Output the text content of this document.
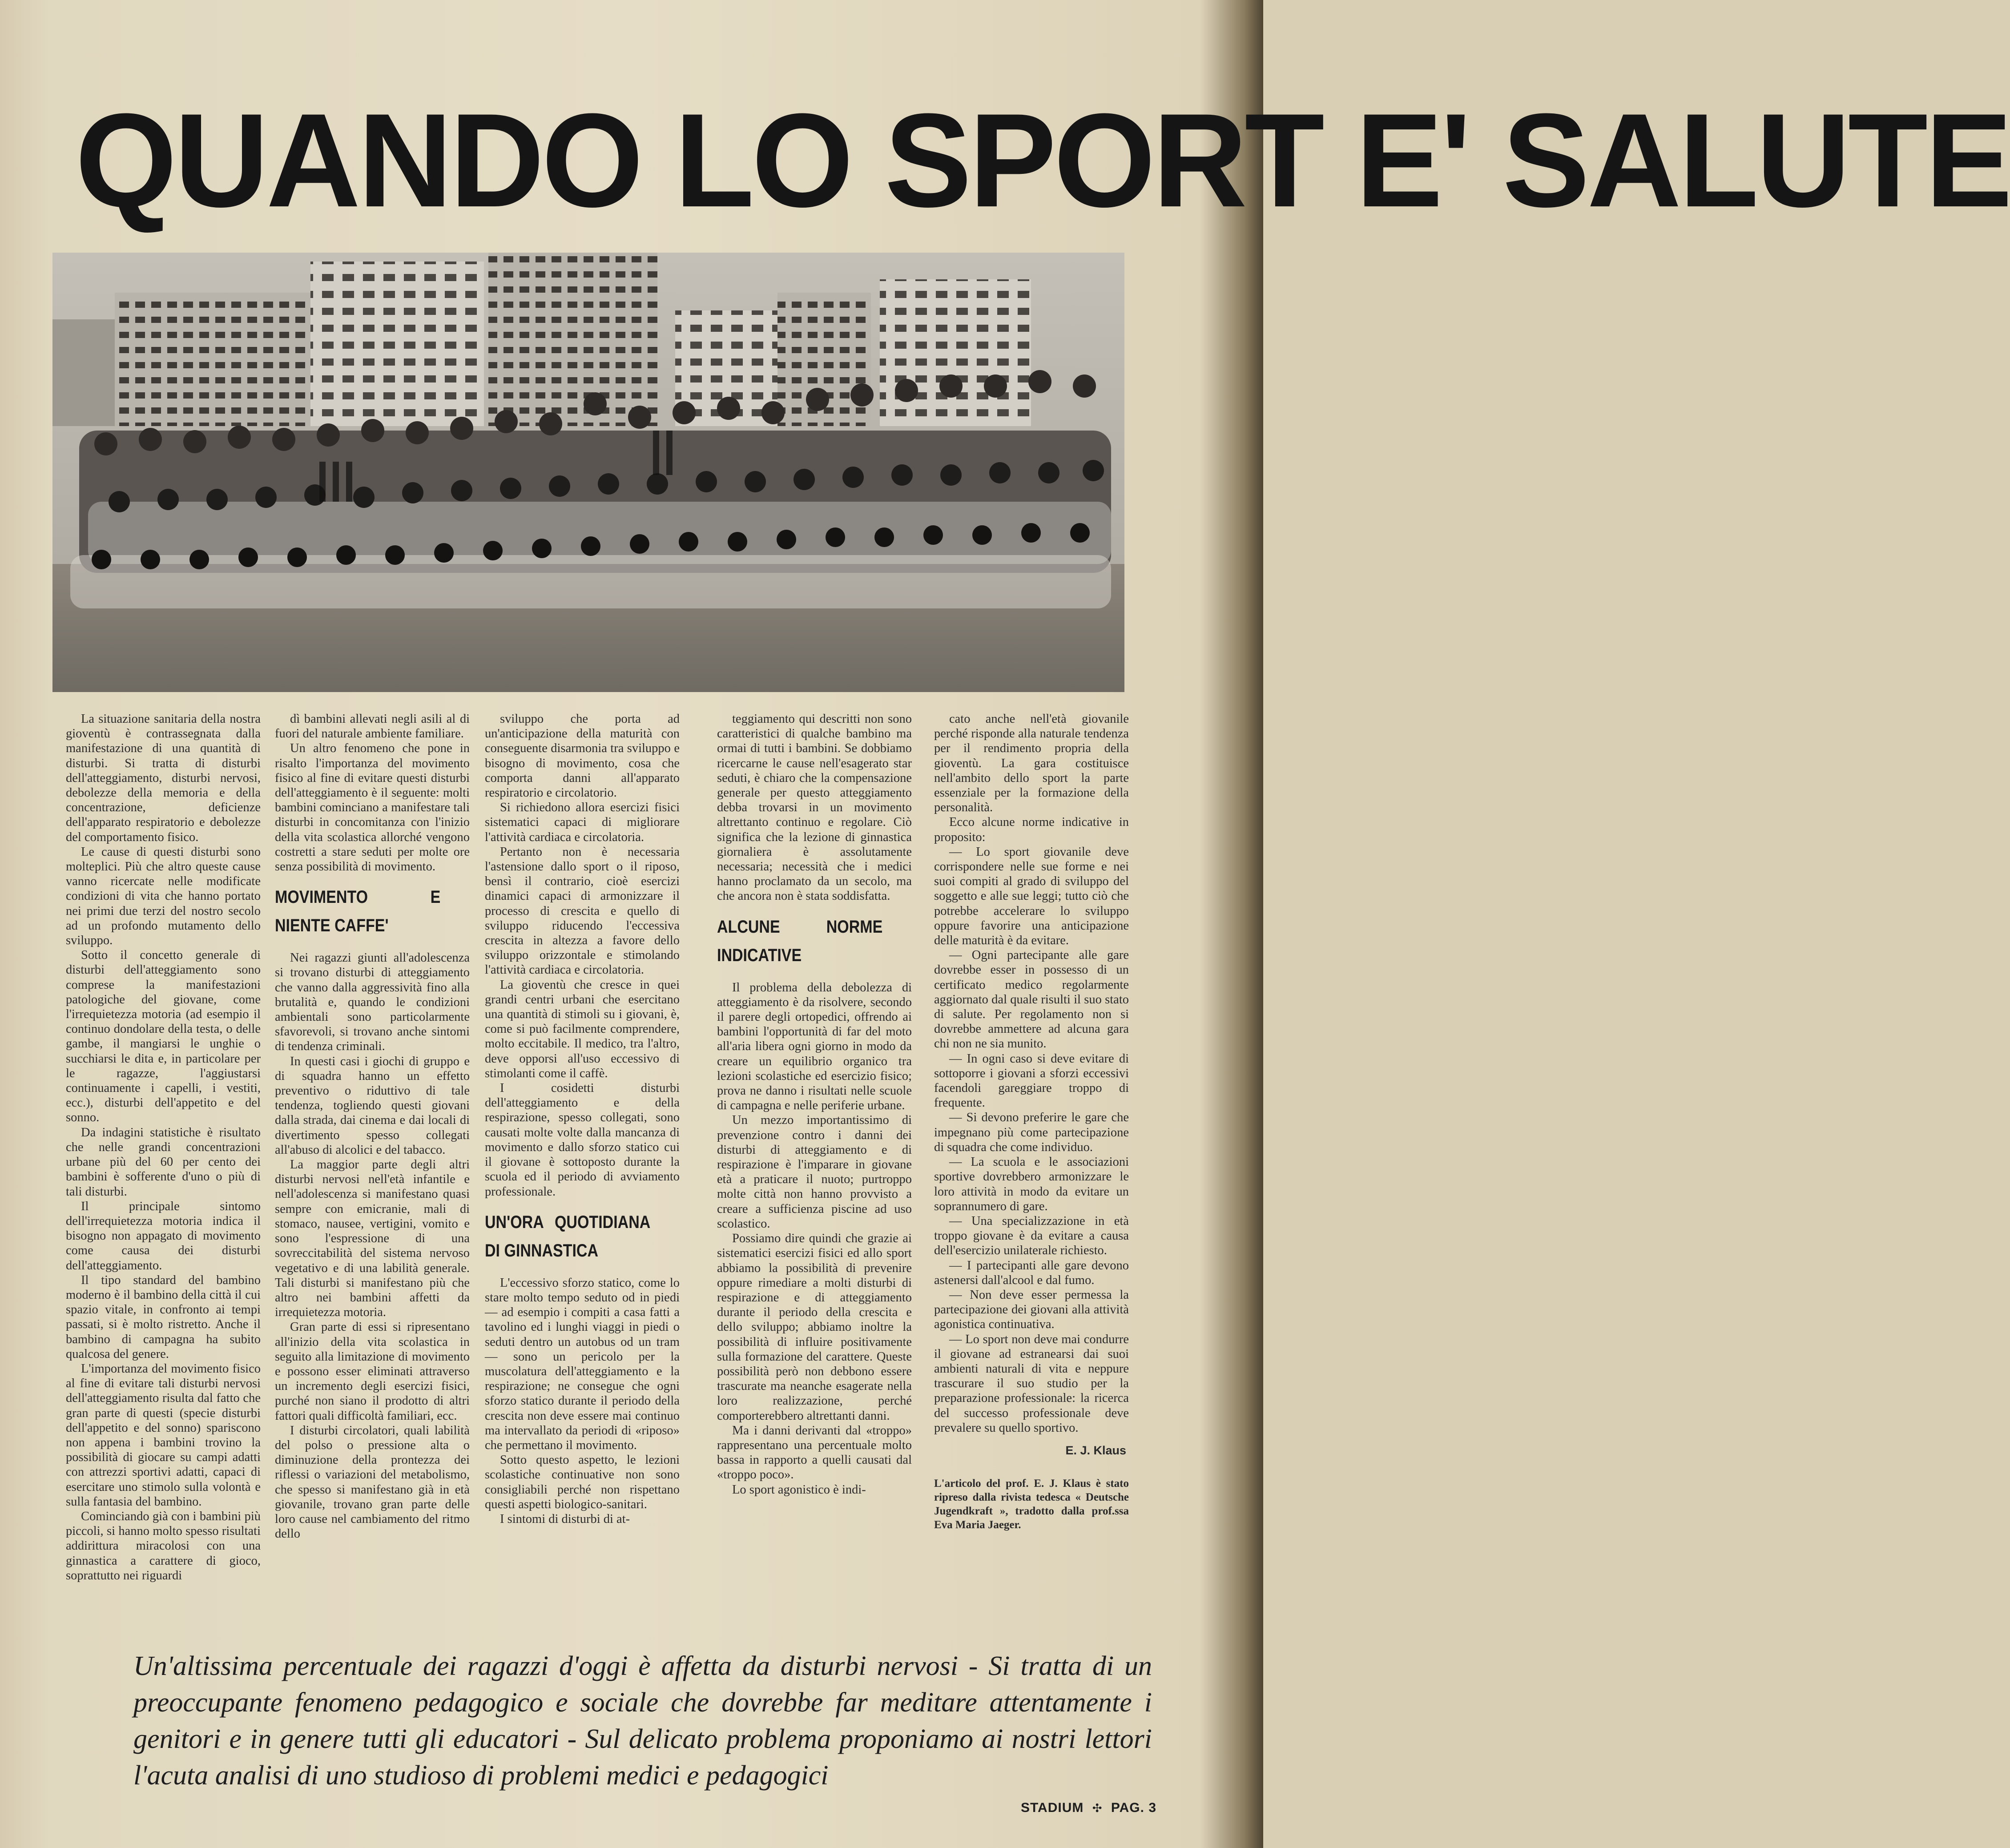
QUANDO LO SPORT E' SALUTE

La situazione sanitaria della nostra gioventù è contrassegnata dalla manifestazione di una quantità di disturbi. Si tratta di disturbi dell'atteggiamento, disturbi nervosi, debolezze della memoria e della concentrazione, deficienze dell'apparato respiratorio e debolezze del comportamento fisico.

Le cause di questi disturbi sono molteplici. Più che altro queste cause vanno ricercate nelle modificate condizioni di vita che hanno portato nei primi due terzi del nostro secolo ad un profondo mutamento dello sviluppo.

Sotto il concetto generale di disturbi dell'atteggiamento sono comprese la manifestazioni patologiche del giovane, come l'irrequietezza motoria (ad esempio il continuo dondolare della testa, o delle gambe, il mangiarsi le unghie o succhiarsi le dita e, in particolare per le ragazze, l'aggiustarsi continuamente i capelli, i vestiti, ecc.), disturbi dell'appetito e del sonno.

Da indagini statistiche è risultato che nelle grandi concentrazioni urbane più del 60 per cento dei bambini è sofferente d'uno o più di tali disturbi.

Il principale sintomo dell'irrequietezza motoria indica il bisogno non appagato di movimento come causa dei disturbi dell'atteggiamento.

Il tipo standard del bambino moderno è il bambino della città il cui spazio vitale, in confronto ai tempi passati, si è molto ristretto. Anche il bambino di campagna ha subito qualcosa del genere.

L'importanza del movimento fisico al fine di evitare tali disturbi nervosi dell'atteggiamento risulta dal fatto che gran parte di questi (specie disturbi dell'appetito e del sonno) spariscono non appena i bambini trovino la possibilità di giocare su campi adatti con attrezzi sportivi adatti, capaci di esercitare uno stimolo sulla volontà e sulla fantasia del bambino.

Cominciando già con i bambini più piccoli, si hanno molto spesso risultati addirittura miracolosi con una ginnastica a carattere di gioco, soprattutto nei riguardi

dì bambini allevati negli asili al di fuori del naturale ambiente familiare.

Un altro fenomeno che pone in risalto l'importanza del movimento fisico al fine di evitare questi disturbi dell'atteggiamento è il seguente: molti bambini cominciano a manifestare tali disturbi in concomitanza con l'inizio della vita scolastica allorché vengono costretti a stare seduti per molte ore senza possibilità di movimento.

MOVIMENTO E NIENTE CAFFE'

Nei ragazzi giunti all'adolescenza si trovano disturbi di atteggiamento che vanno dalla aggressività fino alla brutalità e, quando le condizioni ambientali sono particolarmente sfavorevoli, si trovano anche sintomi di tendenza criminali.

In questi casi i giochi di gruppo e di squadra hanno un effetto preventivo o riduttivo di tale tendenza, togliendo questi giovani dalla strada, dai cinema e dai locali di divertimento spesso collegati all'abuso di alcolici e del tabacco.

La maggior parte degli altri disturbi nervosi nell'età infantile e nell'adolescenza si manifestano quasi sempre con emicranie, mali di stomaco, nausee, vertigini, vomito e sono l'espressione di una sovreccitabilità del sistema nervoso vegetativo e di una labilità generale. Tali disturbi si manifestano più che altro nei bambini affetti da irrequietezza motoria.

Gran parte di essi si ripresentano all'inizio della vita scolastica in seguito alla limitazione di movimento e possono esser eliminati attraverso un incremento degli esercizi fisici, purché non siano il prodotto di altri fattori quali difficoltà familiari, ecc.

I disturbi circolatori, quali labilità del polso o pressione alta o diminuzione della prontezza dei riflessi o variazioni del metabolismo, che spesso si manifestano già in età giovanile, trovano gran parte delle loro cause nel cambiamento del ritmo dello

sviluppo che porta ad un'anticipazione della maturità con conseguente disarmonia tra sviluppo e bisogno di movimento, cosa che comporta danni all'apparato respiratorio e circolatorio.

Si richiedono allora esercizi fisici sistematici capaci di migliorare l'attività cardiaca e circolatoria.

Pertanto non è necessaria l'astensione dallo sport o il riposo, bensì il contrario, cioè esercizi dinamici capaci di armonizzare il processo di crescita e quello di sviluppo riducendo l'eccessiva crescita in altezza a favore dello sviluppo orizzontale e stimolando l'attività cardiaca e circolatoria.

La gioventù che cresce in quei grandi centri urbani che esercitano una quantità di stimoli su i giovani, è, come si può facilmente comprendere, molto eccitabile. Il medico, tra l'altro, deve opporsi all'uso eccessivo di stimolanti come il caffè.

I cosidetti disturbi dell'atteggiamento e della respirazione, spesso collegati, sono causati molte volte dalla mancanza di movimento e dallo sforzo statico cui il giovane è sottoposto durante la scuola ed il periodo di avviamento professionale.

UN'ORA QUOTIDIANA DI GINNASTICA

L'eccessivo sforzo statico, come lo stare molto tempo seduto od in piedi — ad esempio i compiti a casa fatti a tavolino ed i lunghi viaggi in piedi o seduti dentro un autobus od un tram — sono un pericolo per la muscolatura dell'atteggiamento e la respirazione; ne consegue che ogni sforzo statico durante il periodo della crescita non deve essere mai continuo ma intervallato da periodi di «riposo» che permettano il movimento.

Sotto questo aspetto, le lezioni scolastiche continuative non sono consigliabili perché non rispettano questi aspetti biologico-sanitari.

I sintomi di disturbi di at-

teggiamento qui descritti non sono caratteristici di qualche bambino ma ormai di tutti i bambini. Se dobbiamo ricercarne le cause nell'esagerato star seduti, è chiaro che la compensazione generale per questo atteggiamento debba trovarsi in un movimento altrettanto continuo e regolare. Ciò significa che la lezione di ginnastica giornaliera è assolutamente necessaria; necessità che i medici hanno proclamato da un secolo, ma che ancora non è stata soddisfatta.

ALCUNE NORME INDICATIVE

Il problema della debolezza di atteggiamento è da risolvere, secondo il parere degli ortopedici, offrendo ai bambini l'opportunità di far del moto all'aria libera ogni giorno in modo da creare un equilibrio organico tra lezioni scolastiche ed esercizio fisico; prova ne danno i risultati nelle scuole di campagna e nelle periferie urbane.

Un mezzo importantissimo di prevenzione contro i danni dei disturbi di atteggiamento e di respirazione è l'imparare in giovane età a praticare il nuoto; purtroppo molte città non hanno provvisto a creare a sufficienza piscine ad uso scolastico.

Possiamo dire quindi che grazie ai sistematici esercizi fisici ed allo sport abbiamo la possibilità di prevenire oppure rimediare a molti disturbi di respirazione e di atteggiamento durante il periodo della crescita e dello sviluppo; abbiamo inoltre la possibilità di influire positivamente sulla formazione del carattere. Queste possibilità però non debbono essere trascurate ma neanche esagerate nella loro realizzazione, perché comporterebbero altrettanti danni.

Ma i danni derivanti dal «troppo» rappresentano una percentuale molto bassa in rapporto a quelli causati dal «troppo poco».

Lo sport agonistico è indi-

cato anche nell'età giovanile perché risponde alla naturale tendenza per il rendimento propria della gioventù. La gara costituisce nell'ambito dello sport la parte essenziale per la formazione della personalità.

Ecco alcune norme indicative in proposito:

— Lo sport giovanile deve corrispondere nelle sue forme e nei suoi compiti al grado di sviluppo del soggetto e alle sue leggi; tutto ciò che potrebbe accelerare lo sviluppo oppure favorire una anticipazione delle maturità è da evitare.

— Ogni partecipante alle gare dovrebbe esser in possesso di un certificato medico regolarmente aggiornato dal quale risulti il suo stato di salute. Per regolamento non si dovrebbe ammettere ad alcuna gara chi non ne sia munito.

— In ogni caso si deve evitare di sottoporre i giovani a sforzi eccessivi facendoli gareggiare troppo di frequente.

— Si devono preferire le gare che impegnano più come partecipazione di squadra che come individuo.

— La scuola e le associazioni sportive dovrebbero armonizzare le loro attività in modo da evitare un soprannumero di gare.

— Una specializzazione in età troppo giovane è da evitare a causa dell'esercizio unilaterale richiesto.

— I partecipanti alle gare devono astenersi dall'alcool e dal fumo.

— Non deve esser permessa la partecipazione dei giovani alla attività agonistica continuativa.

— Lo sport non deve mai condurre il giovane ad estranearsi dai suoi ambienti naturali di vita e neppure trascurare il suo studio per la preparazione professionale: la ricerca del successo professionale deve prevalere su quello sportivo.

E. J. Klaus

L'articolo del prof. E. J. Klaus è stato ripreso dalla rivista tedesca « Deutsche Jugendkraft », tradotto dalla prof.ssa Eva Maria Jaeger.

Un'altissima percentuale dei ragazzi d'oggi è affetta da disturbi nervosi - Si tratta di un preoccupante fenomeno pedagogico e sociale che dovrebbe far meditare attentamente i genitori e in genere tutti gli educatori - Sul delicato problema proponiamo ai nostri lettori l'acuta analisi di uno studioso di problemi medici e pedagogici

STADIUM ✣ PAG. 3
